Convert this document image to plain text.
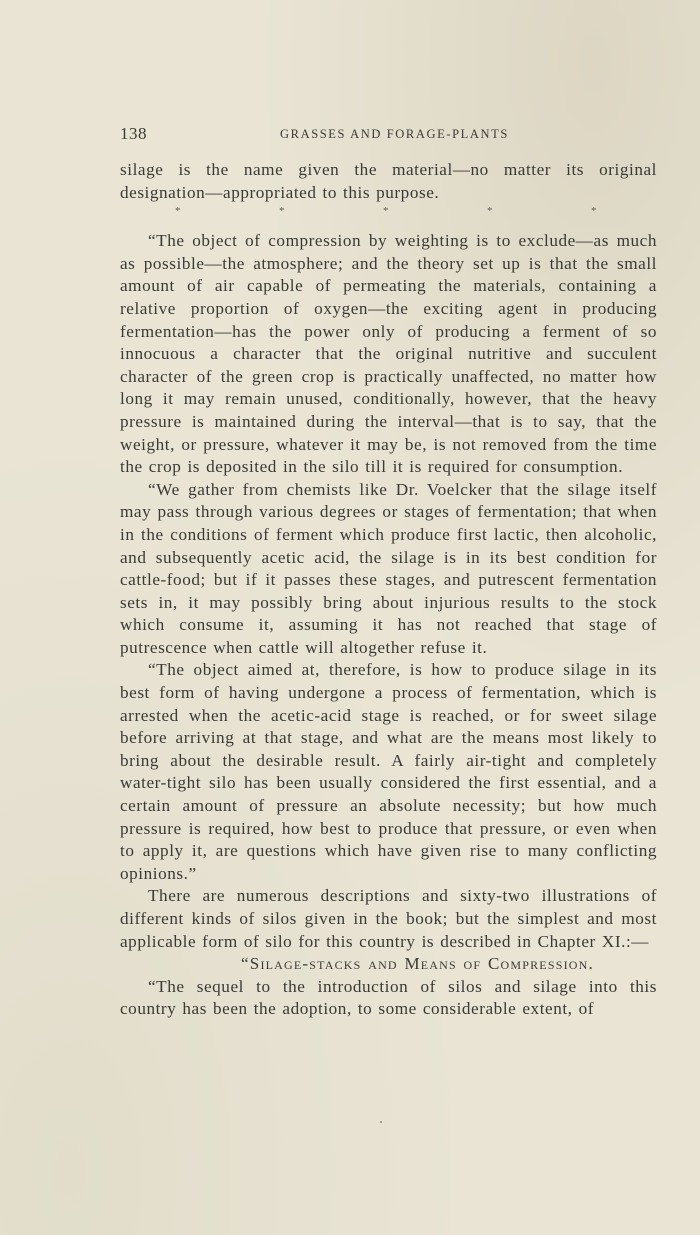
138	GRASSES AND FORAGE-PLANTS

silage is the name given the material—no matter its original designation—appropriated to this purpose.

*	*	*	*	*

“The object of compression by weighting is to exclude—as much as possible—the atmosphere; and the theory set up is that the small amount of air capable of permeating the materials, containing a relative proportion of oxygen—the exciting agent in producing fermentation—has the power only of producing a ferment of so innocuous a character that the original nutritive and succulent character of the green crop is practically unaffected, no matter how long it may remain unused, conditionally, however, that the heavy pressure is maintained during the interval—that is to say, that the weight, or pressure, whatever it may be, is not removed from the time the crop is deposited in the silo till it is required for consumption.

“We gather from chemists like Dr. Voelcker that the silage itself may pass through various degrees or stages of fermentation; that when in the conditions of ferment which produce first lactic, then alcoholic, and subsequently acetic acid, the silage is in its best condition for cattle-food; but if it passes these stages, and putrescent fermentation sets in, it may possibly bring about injurious results to the stock which consume it, assuming it has not reached that stage of putrescence when cattle will altogether refuse it.

“The object aimed at, therefore, is how to produce silage in its best form of having undergone a process of fermentation, which is arrested when the acetic-acid stage is reached, or for sweet silage before arriving at that stage, and what are the means most likely to bring about the desirable result. A fairly air-tight and completely water-tight silo has been usually considered the first essential, and a certain amount of pressure an absolute necessity; but how much pressure is required, how best to produce that pressure, or even when to apply it, are questions which have given rise to many conflicting opinions.”

There are numerous descriptions and sixty-two illustrations of different kinds of silos given in the book; but the simplest and most applicable form of silo for this country is described in Chapter XI.:—

“Silage-stacks and Means of Compression.

“The sequel to the introduction of silos and silage into this country has been the adoption, to some considerable extent, of
